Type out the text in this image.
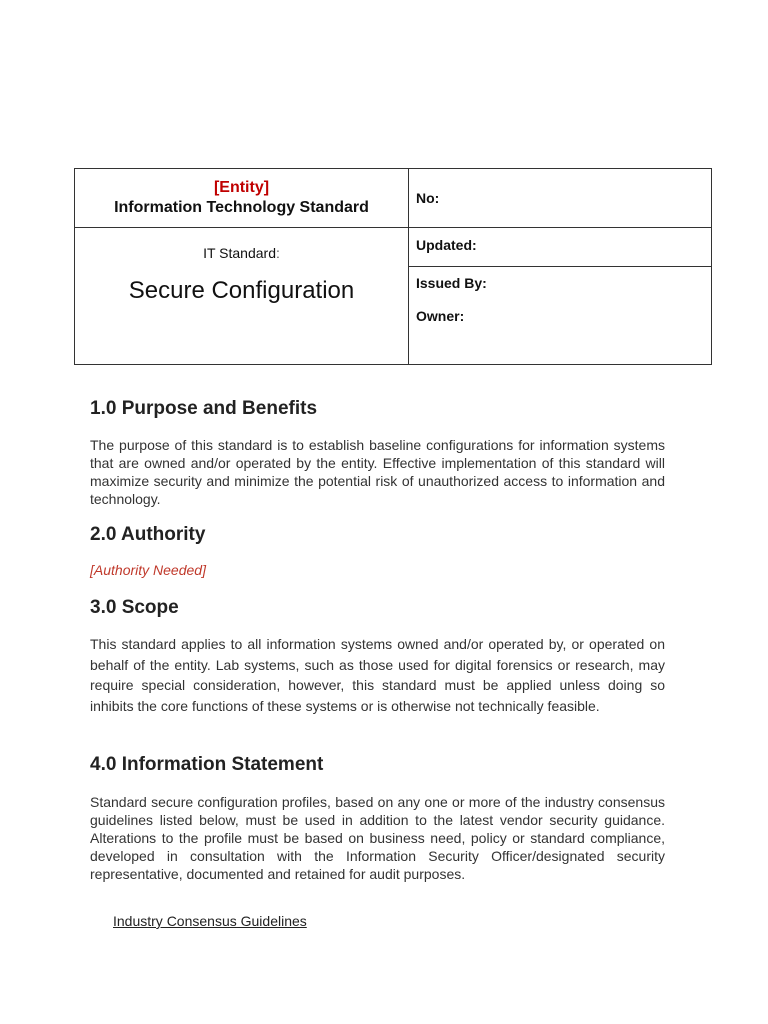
[Entity]
Information Technology Standard	No:

IT Standard:
Secure Configuration	Updated:

	Issued By:
Owner:
1.0 Purpose and Benefits

The purpose of this standard is to establish baseline configurations for information systems that are owned and/or operated by the entity. Effective implementation of this standard will maximize security and minimize the potential risk of unauthorized access to information and technology.

2.0 Authority

[Authority Needed]

3.0 Scope

This standard applies to all information systems owned and/or operated by, or operated on behalf of the entity. Lab systems, such as those used for digital forensics or research, may require special consideration, however, this standard must be applied unless doing so inhibits the core functions of these systems or is otherwise not technically feasible.

4.0 Information Statement

Standard secure configuration profiles, based on any one or more of the industry consensus guidelines listed below, must be used in addition to the latest vendor security guidance. Alterations to the profile must be based on business need, policy or standard compliance, developed in consultation with the Information Security Officer/designated security representative, documented and retained for audit purposes.

Industry Consensus Guidelines
